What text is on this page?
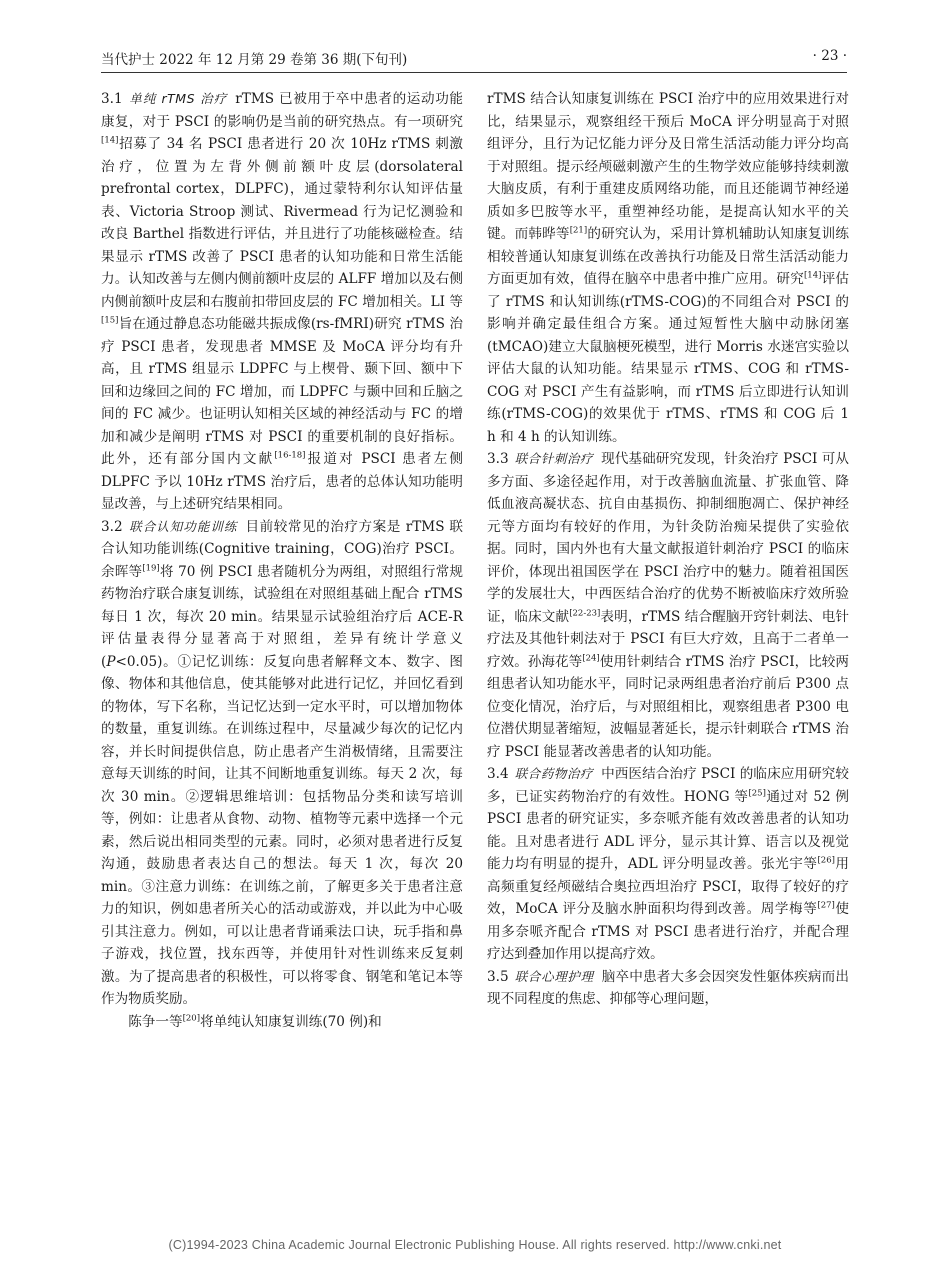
当代护士 2022 年 12 月第 29 卷第 36 期(下旬刊)	· 23 ·

3.1 单纯 rTMS 治疗 rTMS 已被用于卒中患者的运动功能康复，对于 PSCI 的影响仍是当前的研究热点。有一项研究[14]招募了 34 名 PSCI 患者进行 20 次 10Hz rTMS 刺激治疗，位置为左背外侧前额叶皮层(dorsolateral prefrontal cortex，DLPFC)，通过蒙特利尔认知评估量表、Victoria Stroop 测试、Rivermead 行为记忆测验和改良 Barthel 指数进行评估，并且进行了功能核磁检查。结果显示 rTMS 改善了 PSCI 患者的认知功能和日常生活能力。认知改善与左侧内侧前额叶皮层的 ALFF 增加以及右侧内侧前额叶皮层和右腹前扣带回皮层的 FC 增加相关。LI 等[15]旨在通过静息态功能磁共振成像(rs-fMRI)研究 rTMS 治疗 PSCI 患者，发现患者 MMSE 及 MoCA 评分均有升高，且 rTMS 组显示 LDPFC 与上楔骨、颞下回、额中下回和边缘回之间的 FC 增加，而 LDPFC 与颞中回和丘脑之间的 FC 减少。也证明认知相关区域的神经活动与 FC 的增加和减少是阐明 rTMS 对 PSCI 的重要机制的良好指标。此外，还有部分国内文献[16-18]报道对 PSCI 患者左侧 DLPFC 予以 10Hz rTMS 治疗后，患者的总体认知功能明显改善，与上述研究结果相同。

3.2 联合认知功能训练 目前较常见的治疗方案是 rTMS 联合认知功能训练(Cognitive training，COG)治疗 PSCI。余晖等[19]将 70 例 PSCI 患者随机分为两组，对照组行常规药物治疗联合康复训练，试验组在对照组基础上配合 rTMS 每日 1 次，每次 20 min。结果显示试验组治疗后 ACE-R 评估量表得分显著高于对照组，差异有统计学意义(P<0.05)。①记忆训练：反复向患者解释文本、数字、图像、物体和其他信息，使其能够对此进行记忆，并回忆看到的物体，写下名称，当记忆达到一定水平时，可以增加物体的数量，重复训练。在训练过程中，尽量减少每次的记忆内容，并长时间提供信息，防止患者产生消极情绪，且需要注意每天训练的时间，让其不间断地重复训练。每天 2 次，每次 30 min。②逻辑思维培训：包括物品分类和读写培训等，例如：让患者从食物、动物、植物等元素中选择一个元素，然后说出相同类型的元素。同时，必须对患者进行反复沟通，鼓励患者表达自己的想法。每天 1 次，每次 20 min。③注意力训练：在训练之前，了解更多关于患者注意力的知识，例如患者所关心的活动或游戏，并以此为中心吸引其注意力。例如，可以让患者背诵乘法口诀，玩手指和鼻子游戏，找位置，找东西等，并使用针对性训练来反复刺激。为了提高患者的积极性，可以将零食、钢笔和笔记本等作为物质奖励。

陈争一等[20]将单纯认知康复训练(70 例)和

rTMS 结合认知康复训练在 PSCI 治疗中的应用效果进行对比，结果显示，观察组经干预后 MoCA 评分明显高于对照组评分，且行为记忆能力评分及日常生活活动能力评分均高于对照组。提示经颅磁刺激产生的生物学效应能够持续刺激大脑皮质，有利于重建皮质网络功能，而且还能调节神经递质如多巴胺等水平，重塑神经功能，是提高认知水平的关键。而韩晔等[21]的研究认为，采用计算机辅助认知康复训练相较普通认知康复训练在改善执行功能及日常生活活动能力方面更加有效，值得在脑卒中患者中推广应用。研究[14]评估了 rTMS 和认知训练(rTMS-COG)的不同组合对 PSCI 的影响并确定最佳组合方案。通过短暂性大脑中动脉闭塞(tMCAO)建立大鼠脑梗死模型，进行 Morris 水迷宫实验以评估大鼠的认知功能。结果显示 rTMS、COG 和 rTMS-COG 对 PSCI 产生有益影响，而 rTMS 后立即进行认知训练(rTMS-COG)的效果优于 rTMS、rTMS 和 COG 后 1 h 和 4 h 的认知训练。

3.3 联合针刺治疗 现代基础研究发现，针灸治疗 PSCI 可从多方面、多途径起作用，对于改善脑血流量、扩张血管、降低血液高凝状态、抗自由基损伤、抑制细胞凋亡、保护神经元等方面均有较好的作用，为针灸防治痴呆提供了实验依据。同时，国内外也有大量文献报道针刺治疗 PSCI 的临床评价，体现出祖国医学在 PSCI 治疗中的魅力。随着祖国医学的发展壮大，中西医结合治疗的优势不断被临床疗效所验证，临床文献[22-23]表明，rTMS 结合醒脑开窍针刺法、电针疗法及其他针刺法对于 PSCI 有巨大疗效，且高于二者单一疗效。孙海花等[24]使用针刺结合 rTMS 治疗 PSCI，比较两组患者认知功能水平，同时记录两组患者治疗前后 P300 点位变化情况，治疗后，与对照组相比，观察组患者 P300 电位潜伏期显著缩短，波幅显著延长，提示针刺联合 rTMS 治疗 PSCI 能显著改善患者的认知功能。

3.4 联合药物治疗 中西医结合治疗 PSCI 的临床应用研究较多，已证实药物治疗的有效性。HONG 等[25]通过对 52 例 PSCI 患者的研究证实，多奈哌齐能有效改善患者的认知功能。且对患者进行 ADL 评分，显示其计算、语言以及视觉能力均有明显的提升，ADL 评分明显改善。张光宇等[26]用高频重复经颅磁结合奥拉西坦治疗 PSCI，取得了较好的疗效，MoCA 评分及脑水肿面积均得到改善。周学梅等[27]使用多奈哌齐配合 rTMS 对 PSCI 患者进行治疗，并配合理疗达到叠加作用以提高疗效。

3.5 联合心理护理 脑卒中患者大多会因突发性躯体疾病而出现不同程度的焦虑、抑郁等心理问题，

(C)1994-2023 China Academic Journal Electronic Publishing House. All rights reserved. http://www.cnki.net
